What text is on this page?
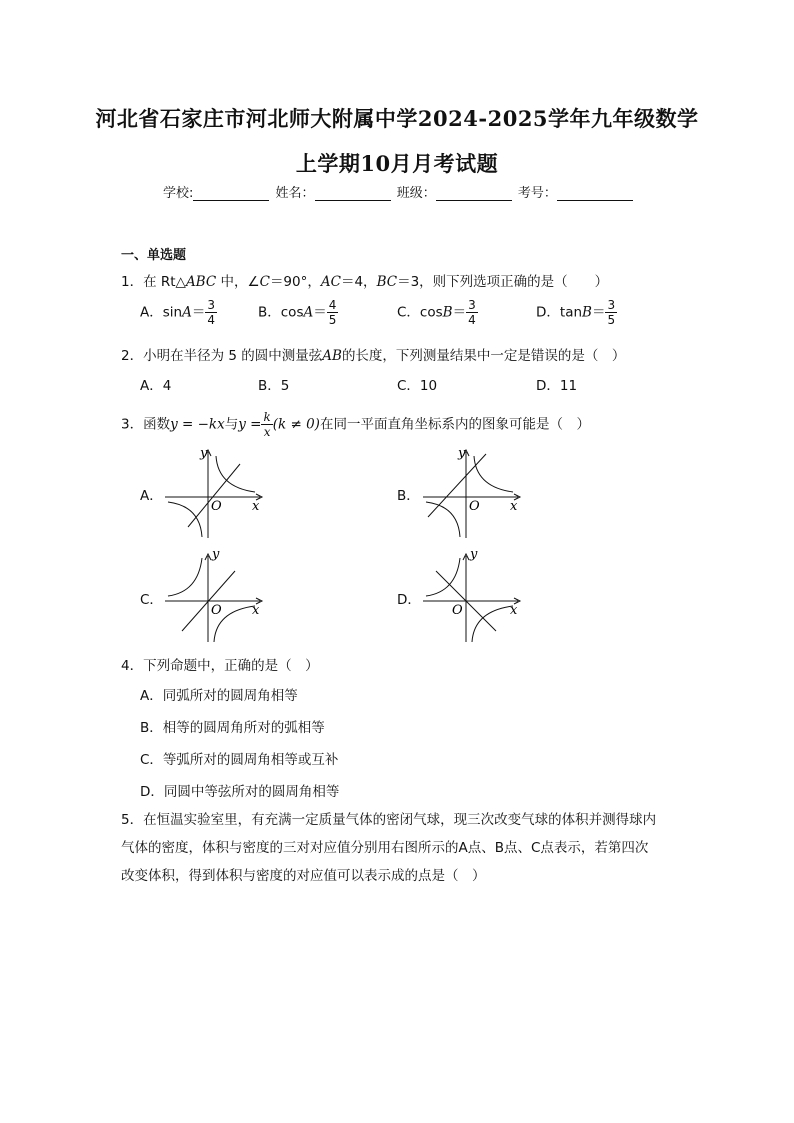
河北省石家庄市河北师大附属中学2024-2025学年九年级数学
上学期10月月考试题
学校:	姓名：	班级：	考号：
一、单选题
1．在 Rt△ABC 中，∠C＝90°，AC＝4，BC＝3，则下列选项正确的是（　　）
A．$\sin A= \frac{3}{4}$	B．$\cos A= \frac{4}{5}$	C．$\cos B= \frac{3}{4}$	D．$\tan B= \frac{3}{5}$
2．小明在半径为 5 的圆中测量弦AB的长度，下列测量结果中一定是错误的是（　）
A．4	B．5	C．10	D．11
3．函数y = −kx与$y = \frac{k}{x} (k \ne 0)$在同一平面直角坐标系内的图象可能是（　）
A．	B．
C．	D．
y
O x
y
O x
y
O x
y
O	x
4．下列命题中，正确的是（　）
A．同弧所对的圆周角相等
B．相等的圆周角所对的弧相等
C．等弧所对的圆周角相等或互补
D．同圆中等弦所对的圆周角相等
5．在恒温实验室里，有充满一定质量气体的密闭气球，现三次改变气球的体积并测得球内
气体的密度，体积与密度的三对对应值分别用右图所示的A点、B点、C点表示，若第四次
改变体积，得到体积与密度的对应值可以表示成的点是（　）
